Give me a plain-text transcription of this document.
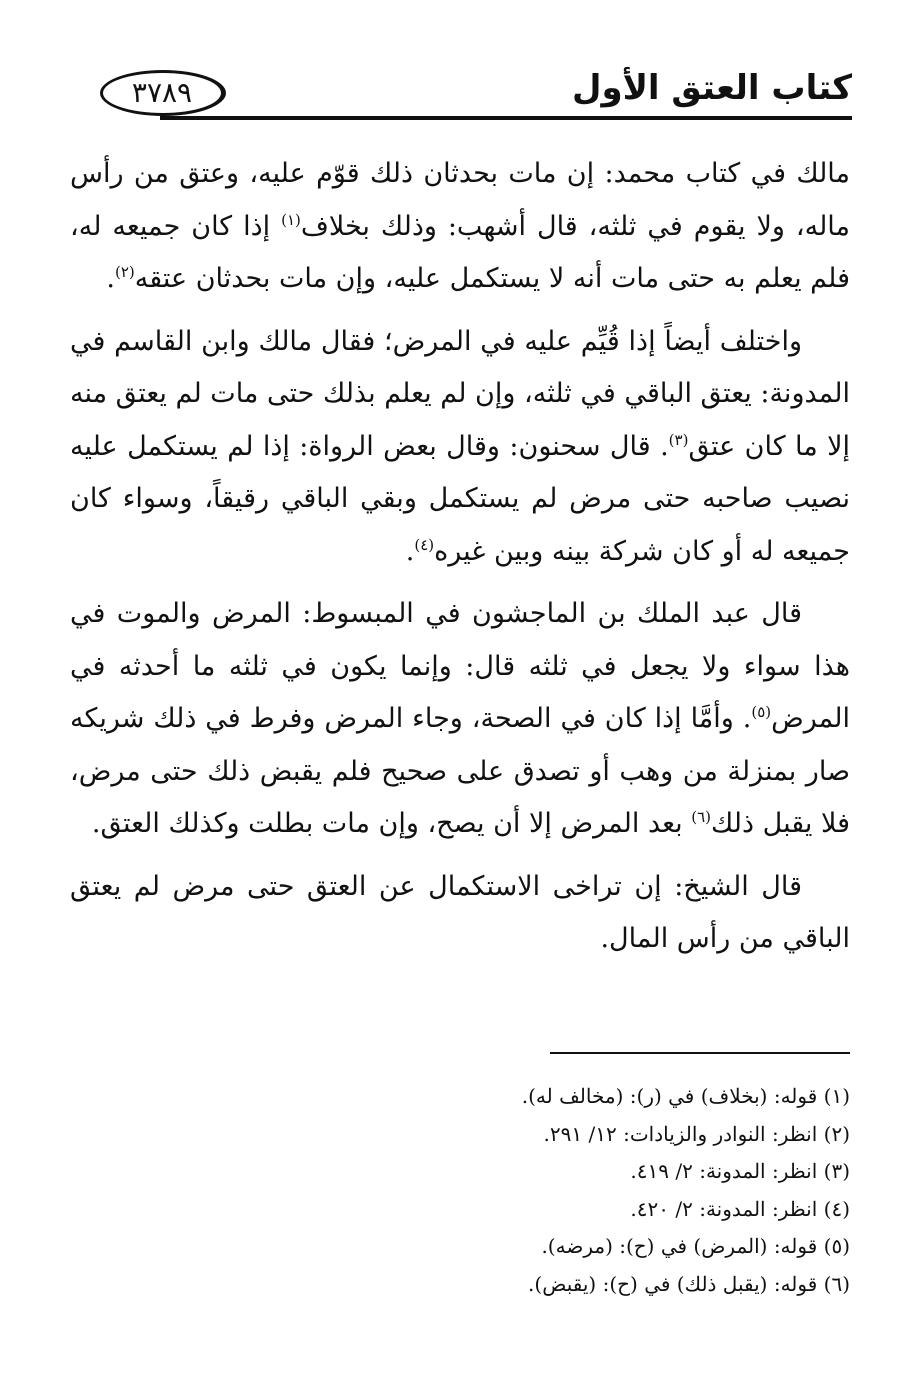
٣٧٨٩	كتاب العتق الأول

مالك في كتاب محمد: إن مات بحدثان ذلك قوّم عليه، وعتق من رأس ماله، ولا يقوم في ثلثه، قال أشهب: وذلك بخلاف$^{(١)}$ إذا كان جميعه له، فلم يعلم به حتى مات أنه لا يستكمل عليه، وإن مات بحدثان عتقه$^{(٢)}$.

واختلف أيضاً إذا قُيِّم عليه في المرض؛ فقال مالك وابن القاسم في المدونة: يعتق الباقي في ثلثه، وإن لم يعلم بذلك حتى مات لم يعتق منه إلا ما كان عتق$^{(٣)}$. قال سحنون: وقال بعض الرواة: إذا لم يستكمل عليه نصيب صاحبه حتى مرض لم يستكمل وبقي الباقي رقيقاً، وسواء كان جميعه له أو كان شركة بينه وبين غيره$^{(٤)}$.

قال عبد الملك بن الماجشون في المبسوط: المرض والموت في هذا سواء ولا يجعل في ثلثه قال: وإنما يكون في ثلثه ما أحدثه في المرض$^{(٥)}$. وأمَّا إذا كان في الصحة، وجاء المرض وفرط في ذلك شريكه صار بمنزلة من وهب أو تصدق على صحيح فلم يقبض ذلك حتى مرض، فلا يقبل ذلك$^{(٦)}$ بعد المرض إلا أن يصح، وإن مات بطلت وكذلك العتق.

قال الشيخ: إن تراخى الاستكمال عن العتق حتى مرض لم يعتق الباقي من رأس المال.

(١) قوله: (بخلاف) في (ر): (مخالف له).
(٢) انظر: النوادر والزيادات: ١٢/ ٢٩١.
(٣) انظر: المدونة: ٢/ ٤١٩.
(٤) انظر: المدونة: ٢/ ٤٢٠.
(٥) قوله: (المرض) في (ح): (مرضه).
(٦) قوله: (يقبل ذلك) في (ح): (يقبض).
